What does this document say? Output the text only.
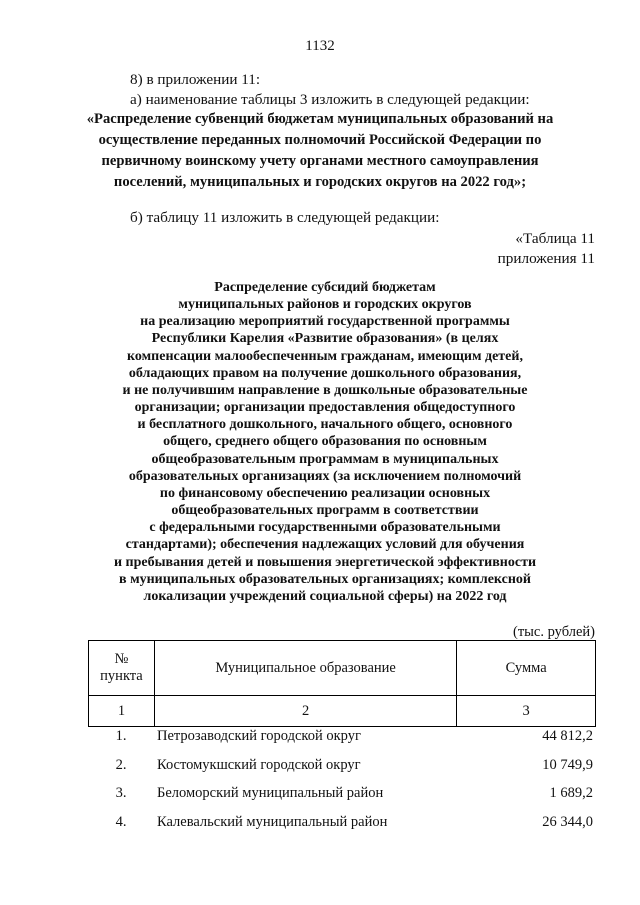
1132
8) в приложении 11:
а) наименование таблицы 3 изложить в следующей редакции:
«Распределение субвенций бюджетам муниципальных образований на
осуществление переданных полномочий Российской Федерации по
первичному воинскому учету органами местного самоуправления
поселений, муниципальных и городских округов на 2022 год»;
б) таблицу 11 изложить в следующей редакции:
«Таблица 11
приложения 11
Распределение субсидий бюджетам
муниципальных районов и городских округов
на реализацию мероприятий государственной программы
Республики Карелия «Развитие образования» (в целях
компенсации малообеспеченным гражданам, имеющим детей,
обладающих правом на получение дошкольного образования,
и не получившим направление в дошкольные образовательные
организации; организации предоставления общедоступного
и бесплатного дошкольного, начального общего, основного
общего, среднего общего образования по основным
общеобразовательным программам в муниципальных
образовательных организациях (за исключением полномочий
по финансовому обеспечению реализации основных
общеобразовательных программ в соответствии
с федеральными государственными образовательными
стандартами); обеспечения надлежащих условий для обучения
и пребывания детей и повышения энергетической эффективности
в муниципальных образовательных организациях; комплексной
локализации учреждений социальной сферы) на 2022 год
(тыс. рублей)
№
пункта	Муниципальное образование	Сумма
1	2	3
1.	Петрозаводский городской округ	44 812,2
2.	Костомукшский городской округ	10 749,9
3.	Беломорский муниципальный район	1 689,2
4.	Калевальский муниципальный район	26 344,0
